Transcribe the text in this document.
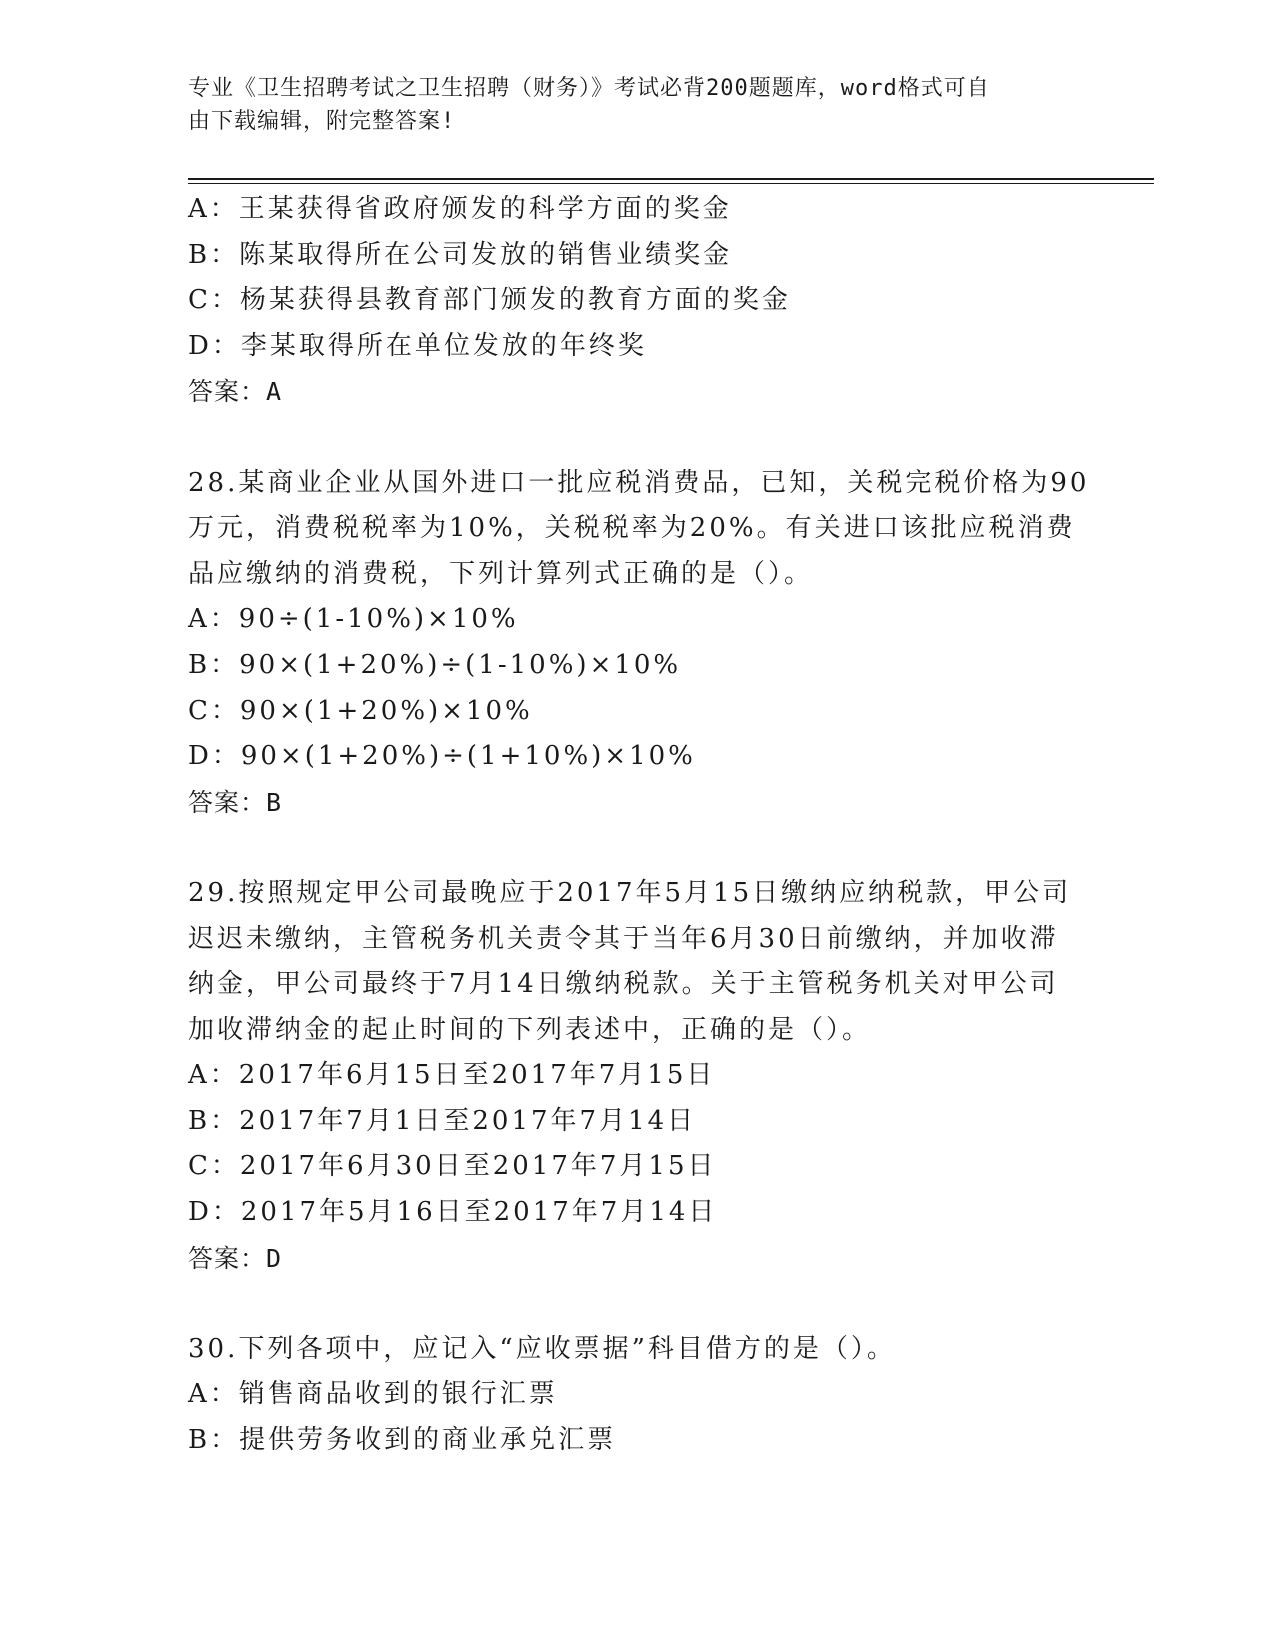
专业《卫生招聘考试之卫生招聘（财务）》考试必背200题题库，word格式可自
由下载编辑，附完整答案!
A：王某获得省政府颁发的科学方面的奖金
B：陈某取得所在公司发放的销售业绩奖金
C：杨某获得县教育部门颁发的教育方面的奖金
D：李某取得所在单位发放的年终奖
答案：A
28.某商业企业从国外进口一批应税消费品，已知，关税完税价格为90
万元，消费税税率为10%，关税税率为20%。有关进口该批应税消费
品应缴纳的消费税，下列计算列式正确的是（）。
A：90÷(1-10%)×10%
B：90×(1+20%)÷(1-10%)×10%
C：90×(1+20%)×10%
D：90×(1+20%)÷(1+10%)×10%
答案：B
29.按照规定甲公司最晚应于2017年5月15日缴纳应纳税款，甲公司
迟迟未缴纳，主管税务机关责令其于当年6月30日前缴纳，并加收滞
纳金，甲公司最终于7月14日缴纳税款。关于主管税务机关对甲公司
加收滞纳金的起止时间的下列表述中，正确的是（）。
A：2017年6月15日至2017年7月15日
B：2017年7月1日至2017年7月14日
C：2017年6月30日至2017年7月15日
D：2017年5月16日至2017年7月14日
答案：D
30.下列各项中，应记入“应收票据”科目借方的是（）。
A：销售商品收到的银行汇票
B：提供劳务收到的商业承兑汇票
